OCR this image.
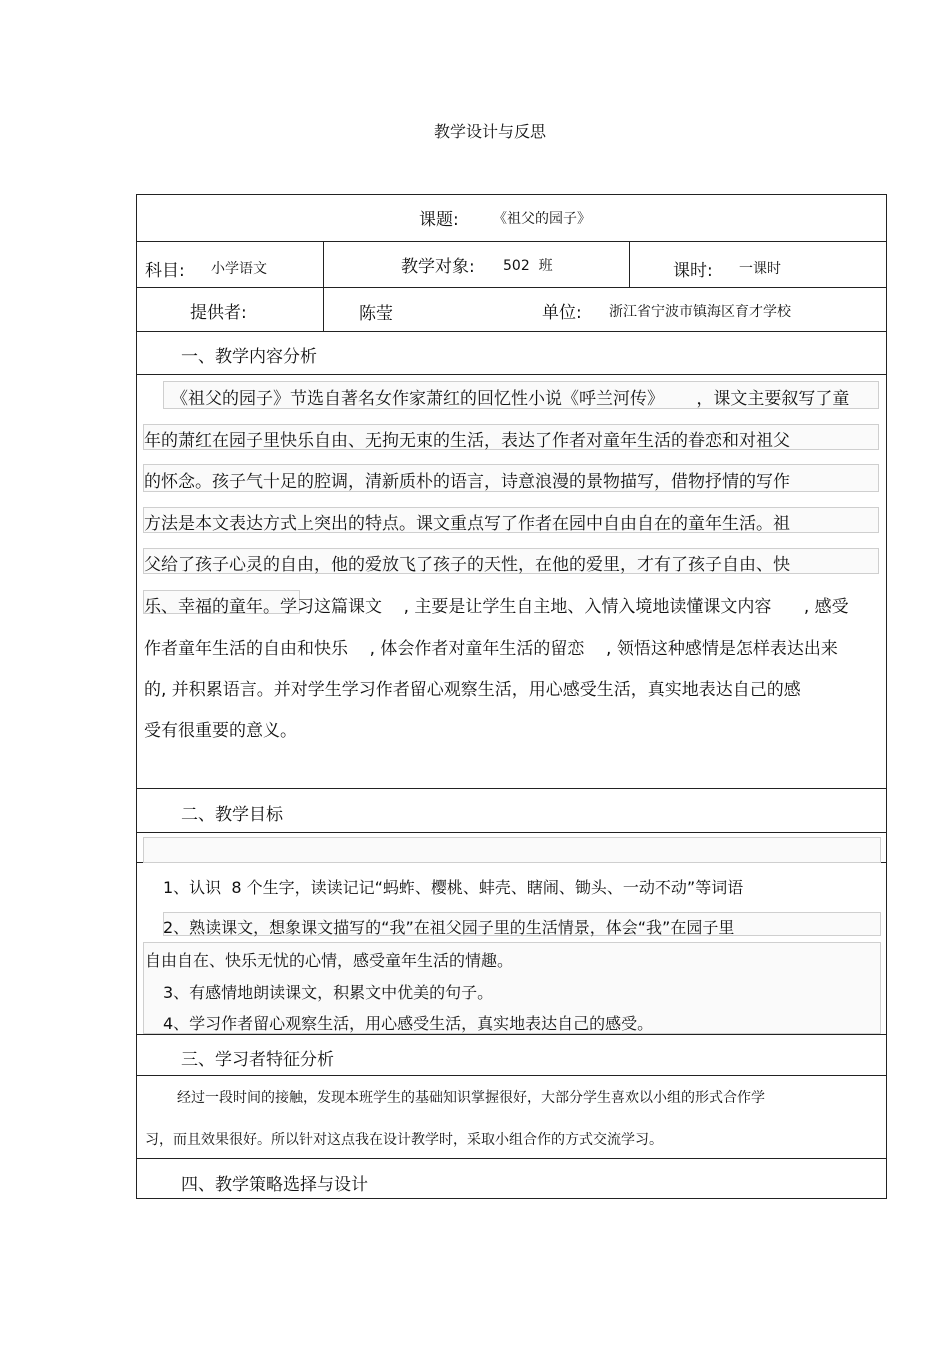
教学设计与反思
课题: 《祖父的园子》
科目: 小学语文	教学对象: 502  班	课时: 一课时
提供者:	陈莹	单位: 浙江省宁波市镇海区育才学校
一、教学内容分析
《祖父的园子》节选自著名女作家萧红的回忆性小说《呼兰河传》      ，课文主要叙写了童
年的萧红在园子里快乐自由、无拘无束的生活，表达了作者对童年生活的眷恋和对祖父
的怀念。孩子气十足的腔调，清新质朴的语言，诗意浪漫的景物描写，借物抒情的写作
方法是本文表达方式上突出的特点。课文重点写了作者在园中自由自在的童年生活。祖
父给了孩子心灵的自由，他的爱放飞了孩子的天性，在他的爱里，才有了孩子自由、快
乐、幸福的童年。学习这篇课文    , 主要是让学生自主地、入情入境地读懂课文内容      , 感受
作者童年生活的自由和快乐    , 体会作者对童年生活的留恋    , 领悟这种感情是怎样表达出来
的, 并积累语言。并对学生学习作者留心观察生活，用心感受生活，真实地表达自己的感
受有很重要的意义。
二、教学目标
1、认识  8 个生字，读读记记“蚂蚱、樱桃、蚌壳、瞎闹、锄头、一动不动”等词语
2、熟读课文，想象课文描写的“我”在祖父园子里的生活情景，体会“我”在园子里
自由自在、快乐无忧的心情，感受童年生活的情趣。
3、有感情地朗读课文，积累文中优美的句子。
4、学习作者留心观察生活，用心感受生活，真实地表达自己的感受。
三、学习者特征分析
经过一段时间的接触，发现本班学生的基础知识掌握很好，大部分学生喜欢以小组的形式合作学
习，而且效果很好。所以针对这点我在设计教学时，采取小组合作的方式交流学习。
四、教学策略选择与设计
